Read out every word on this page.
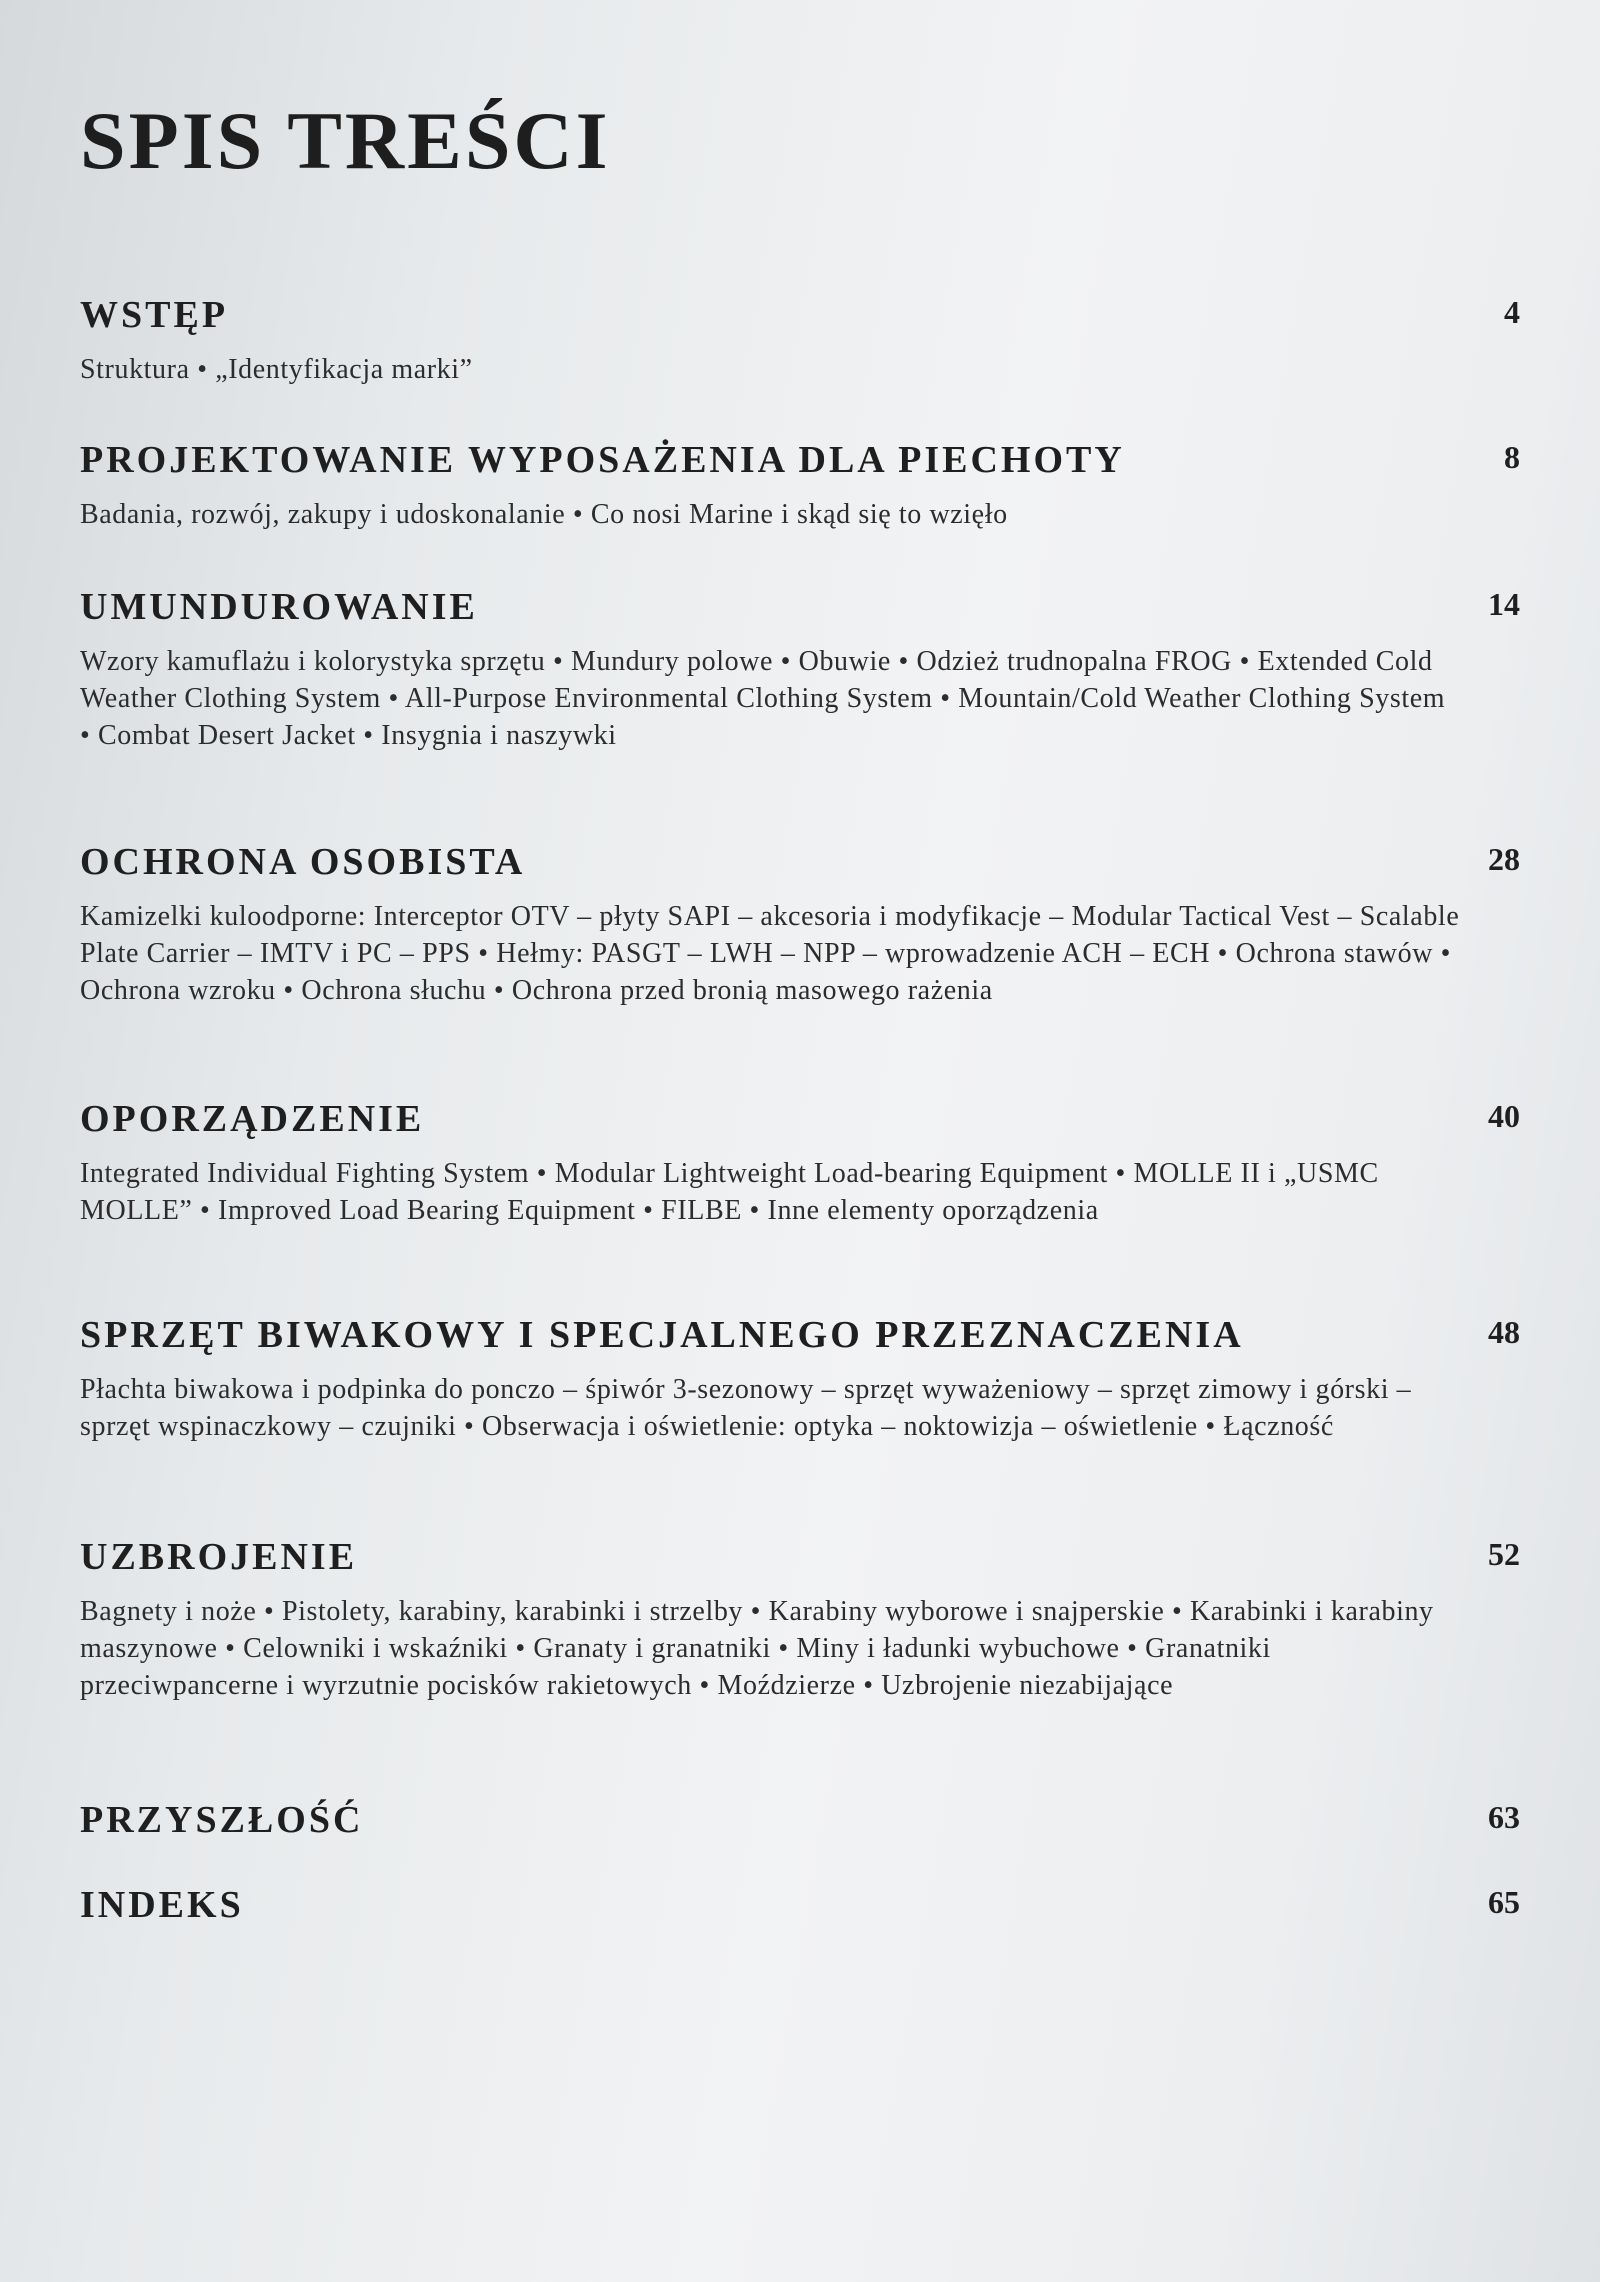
SPIS TREŚCI
WSTĘP	4

Struktura • „Identyfikacja marki”

PROJEKTOWANIE WYPOSAŻENIA DLA PIECHOTY	8

Badania, rozwój, zakupy i udoskonalanie • Co nosi Marine i skąd się to wzięło

UMUNDUROWANIE	14

Wzory kamuflażu i kolorystyka sprzętu • Mundury polowe • Obuwie • Odzież trudnopalna FROG • Extended Cold Weather Clothing System • All-Purpose Environmental Clothing System • Mountain/Cold Weather Clothing System • Combat Desert Jacket • Insygnia i naszywki

OCHRONA OSOBISTA	28

Kamizelki kuloodporne: Interceptor OTV – płyty SAPI – akcesoria i modyfikacje – Modular Tactical Vest – Scalable Plate Carrier – IMTV i PC – PPS • Hełmy: PASGT – LWH – NPP – wprowadzenie ACH – ECH • Ochrona stawów • Ochrona wzroku • Ochrona słuchu • Ochrona przed bronią masowego rażenia

OPORZĄDZENIE	40

Integrated Individual Fighting System • Modular Lightweight Load-bearing Equipment • MOLLE II i „USMC MOLLE” • Improved Load Bearing Equipment • FILBE • Inne elementy oporządzenia

SPRZĘT BIWAKOWY I SPECJALNEGO PRZEZNACZENIA	48

Płachta biwakowa i podpinka do ponczo – śpiwór 3-sezonowy – sprzęt wyważeniowy – sprzęt zimowy i górski – sprzęt wspinaczkowy – czujniki • Obserwacja i oświetlenie: optyka – noktowizja – oświetlenie • Łączność

UZBROJENIE	52

Bagnety i noże • Pistolety, karabiny, karabinki i strzelby • Karabiny wyborowe i snajperskie • Karabinki i karabiny maszynowe • Celowniki i wskaźniki • Granaty i granatniki • Miny i ładunki wybuchowe • Granatniki przeciwpancerne i wyrzutnie pocisków rakietowych • Moździerze • Uzbrojenie niezabijające

PRZYSZŁOŚĆ	63
INDEKS	65
